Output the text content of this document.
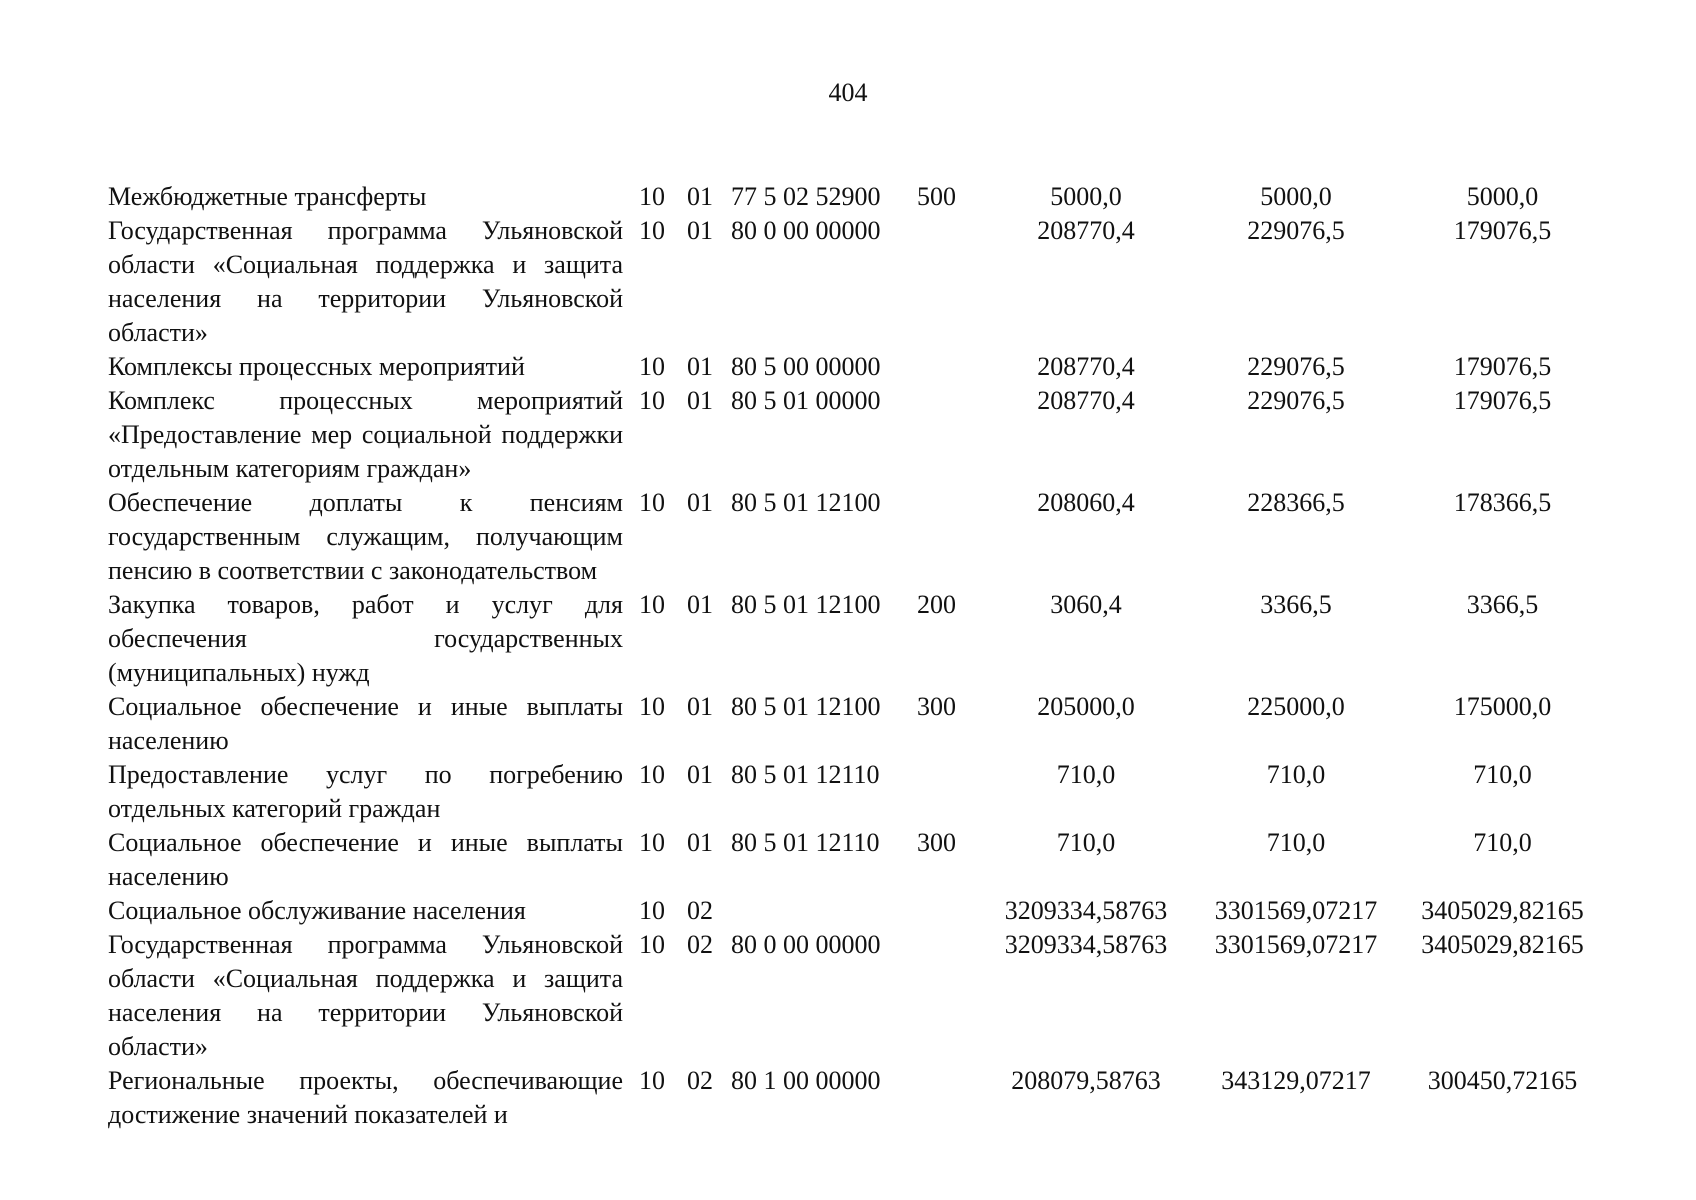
404
Межбюджетные трансферты	10	01	77 5 02 52900	500	5000,0	5000,0	5000,0
Государственная программа Ульяновской области «Социальная поддержка и защита населения на территории Ульяновской области»	10	01	80 0 00 00000		208770,4	229076,5	179076,5
Комплексы процессных мероприятий	10	01	80 5 00 00000		208770,4	229076,5	179076,5
Комплекс процессных мероприятий «Предоставление мер социальной поддержки отдельным категориям граждан»	10	01	80 5 01 00000		208770,4	229076,5	179076,5
Обеспечение доплаты к пенсиям государственным служащим, получающим пенсию в соответствии с законодательством	10	01	80 5 01 12100		208060,4	228366,5	178366,5
Закупка товаров, работ и услуг для обеспечения государственных (муниципальных) нужд	10	01	80 5 01 12100	200	3060,4	3366,5	3366,5
Социальное обеспечение и иные выплаты населению	10	01	80 5 01 12100	300	205000,0	225000,0	175000,0
Предоставление услуг по погребению отдельных категорий граждан	10	01	80 5 01 12110		710,0	710,0	710,0
Социальное обеспечение и иные выплаты населению	10	01	80 5 01 12110	300	710,0	710,0	710,0
Социальное обслуживание населения	10	02			3209334,58763	3301569,07217	3405029,82165
Государственная программа Ульяновской области «Социальная поддержка и защита населения на территории Ульяновской области»	10	02	80 0 00 00000		3209334,58763	3301569,07217	3405029,82165
Региональные проекты, обеспечивающие достижение значений показателей и	10	02	80 1 00 00000		208079,58763	343129,07217	300450,72165
